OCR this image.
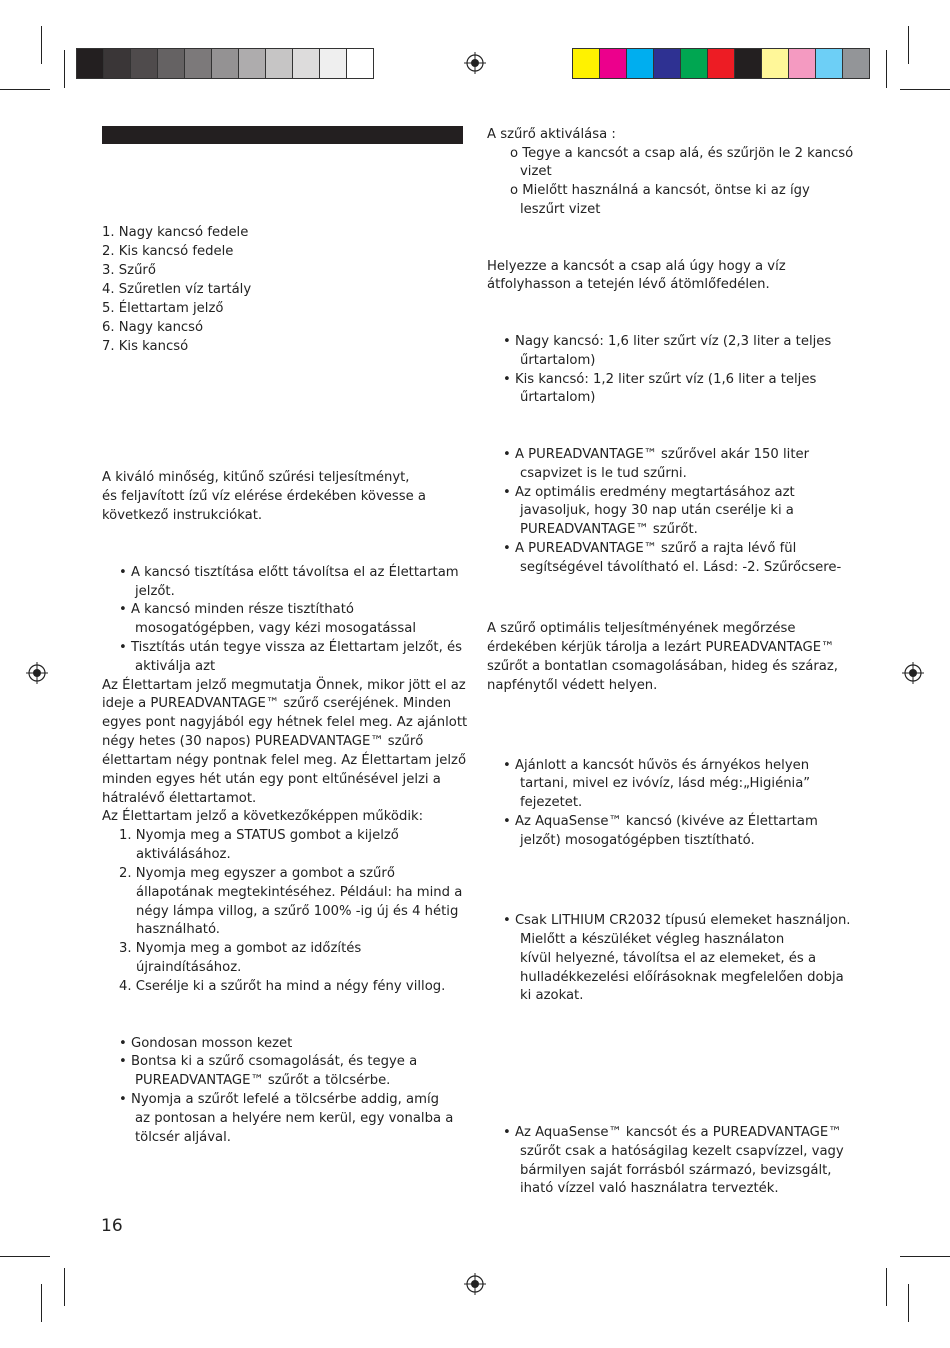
1. Nagy kancsó fedele
2. Kis kancsó fedele
3. Szűrő
4. Szűretlen víz tartály
5. Élettartam jelző
6. Nagy kancsó
7. Kis kancsó
A kiváló minőség, kitűnő szűrési teljesítményt,
és feljavított ízű víz elérése érdekében kövesse a
következő instrukciókat.
• A kancsó tisztítása előtt távolítsa el az Élettartam
jelzőt.
• A kancsó minden része tisztítható
mosogatógépben, vagy kézi mosogatással
• Tisztítás után tegye vissza az Élettartam jelzőt, és
aktiválja azt
Az Élettartam jelző megmutatja Önnek, mikor jött el az
ideje a PUREADVANTAGE™ szűrő cseréjének. Minden
egyes pont nagyjából egy hétnek felel meg. Az ajánlott
négy hetes (30 napos) PUREADVANTAGE™ szűrő
élettartam négy pontnak felel meg. Az Élettartam jelző
minden egyes hét után egy pont eltűnésével jelzi a
hátralévő élettartamot.
Az Élettartam jelző a következőképpen működik:
1. Nyomja meg a STATUS gombot a kijelző
aktiválásához.
2. Nyomja meg egyszer a gombot a szűrő
állapotának megtekintéséhez. Például: ha mind a
négy lámpa villog, a szűrő 100% -ig új és 4 hétig
használható.
3. Nyomja meg a gombot az időzítés
újraindításához.
4. Cserélje ki a szűrőt ha mind a négy fény villog.
• Gondosan mosson kezet
• Bontsa ki a szűrő csomagolását, és tegye a
PUREADVANTAGE™ szűrőt a tölcsérbe.
• Nyomja a szűrőt lefelé a tölcsérbe addig, amíg
az pontosan a helyére nem kerül, egy vonalba a
tölcsér aljával.
16
A szűrő aktiválása :
o Tegye a kancsót a csap alá, és szűrjön le 2 kancsó
vizet
o Mielőtt használná a kancsót, öntse ki az így
leszűrt vizet
Helyezze a kancsót a csap alá úgy hogy a víz
átfolyhasson a tetején lévő átömlőfedélen.
• Nagy kancsó: 1,6 liter szűrt víz (2,3 liter a teljes
űrtartalom)
• Kis kancsó: 1,2 liter szűrt víz (1,6 liter a teljes
űrtartalom)
• A PUREADVANTAGE™ szűrővel akár 150 liter
csapvizet is le tud szűrni.
• Az optimális eredmény megtartásához azt
javasoljuk, hogy 30 nap után cserélje ki a
PUREADVANTAGE™ szűrőt.
• A PUREADVANTAGE™ szűrő a rajta lévő fül
segítségével távolítható el. Lásd: -2. Szűrőcsere-
A szűrő optimális teljesítményének megőrzése
érdekében kérjük tárolja a lezárt PUREADVANTAGE™
szűrőt a bontatlan csomagolásában, hideg és száraz,
napfénytől védett helyen.
• Ajánlott a kancsót hűvös és árnyékos helyen
tartani, mivel ez ivóvíz, lásd még:„Higiénia”
fejezetet.
• Az AquaSense™ kancsó (kivéve az Élettartam
jelzőt) mosogatógépben tisztítható.
• Csak LITHIUM CR2032 típusú elemeket használjon.
Mielőtt a készüléket végleg használaton
kívül helyezné, távolítsa el az elemeket, és a
hulladékkezelési előírásoknak megfelelően dobja
ki azokat.
• Az AquaSense™ kancsót és a PUREADVANTAGE™
szűrőt csak a hatóságilag kezelt csapvízzel, vagy
bármilyen saját forrásból származó, bevizsgált,
iható vízzel való használatra tervezték.
